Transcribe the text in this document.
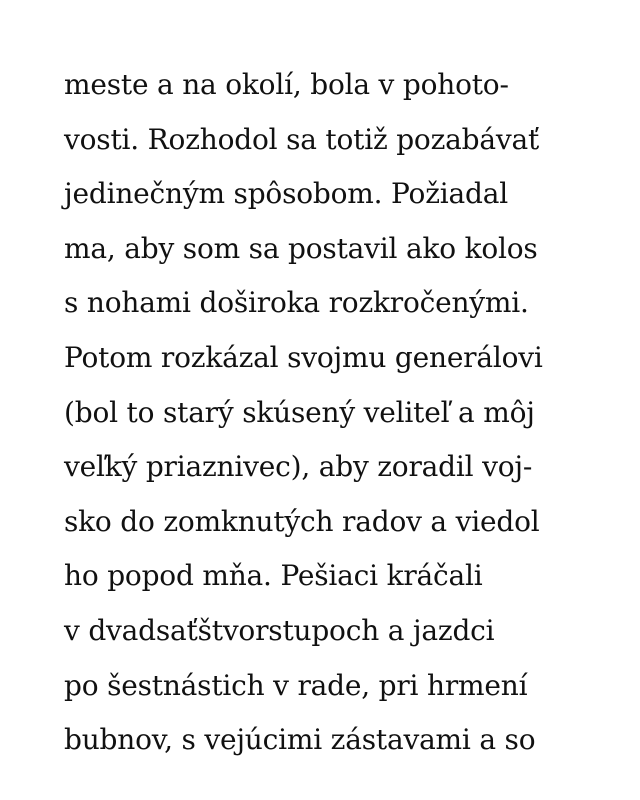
meste a na okolí, bola v pohoto-
vosti. Rozhodol sa totiž pozabávať
jedinečným spôsobom. Požiadal
ma, aby som sa postavil ako kolos
s nohami doširoka rozkročenými.
Potom rozkázal svojmu generálovi
(bol to starý skúsený veliteľ a môj
veľký priaznivec), aby zoradil voj-
sko do zomknutých radov a viedol
ho popod mňa. Pešiaci kráčali
v dvadsaťštvorstupoch a jazdci
po šestnástich v rade, pri hrmení
bubnov, s vejúcimi zástavami a so
